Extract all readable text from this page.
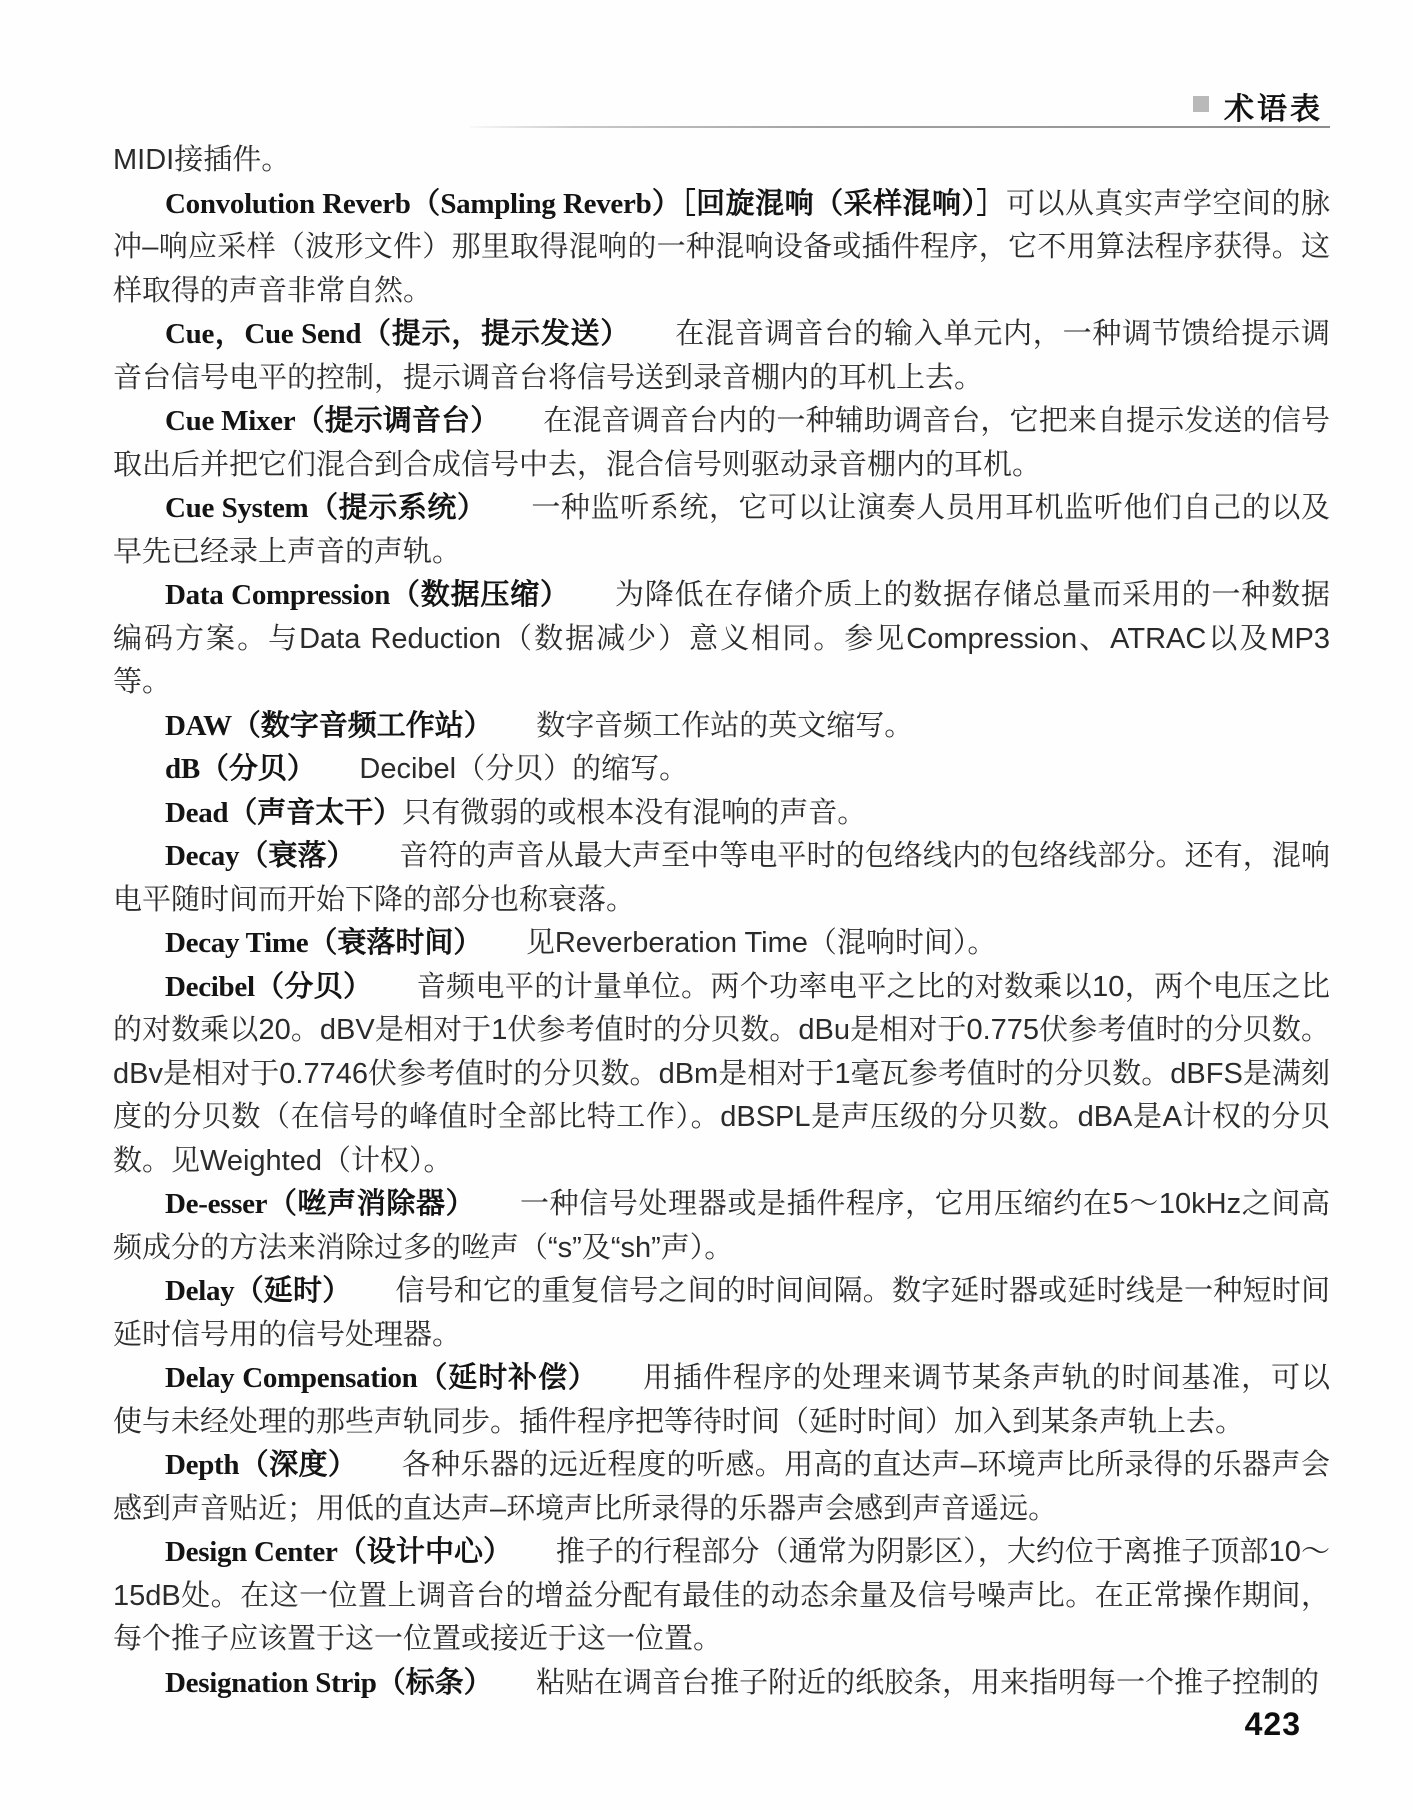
术语表

MIDI接插件。

Convolution Reverb（Sampling Reverb）［回旋混响（采样混响）］可以从真实声学空间的脉冲–响应采样（波形文件）那里取得混响的一种混响设备或插件程序，它不用算法程序获得。这样取得的声音非常自然。

Cue，Cue Send（提示，提示发送）　　在混音调音台的输入单元内，一种调节馈给提示调音台信号电平的控制，提示调音台将信号送到录音棚内的耳机上去。

Cue Mixer（提示调音台）　　在混音调音台内的一种辅助调音台，它把来自提示发送的信号取出后并把它们混合到合成信号中去，混合信号则驱动录音棚内的耳机。

Cue System（提示系统）　　一种监听系统，它可以让演奏人员用耳机监听他们自己的以及早先已经录上声音的声轨。

Data Compression（数据压缩）　　为降低在存储介质上的数据存储总量而采用的一种数据编码方案。与Data Reduction（数据减少）意义相同。参见Compression、ATRAC以及MP3等。

DAW（数字音频工作站）　　数字音频工作站的英文缩写。

dB（分贝）　　Decibel（分贝）的缩写。

Dead（声音太干）只有微弱的或根本没有混响的声音。

Decay（衰落）　　音符的声音从最大声至中等电平时的包络线内的包络线部分。还有，混响电平随时间而开始下降的部分也称衰落。

Decay Time（衰落时间）　　见Reverberation Time（混响时间）。

Decibel（分贝）　　音频电平的计量单位。两个功率电平之比的对数乘以10，两个电压之比的对数乘以20。dBV是相对于1伏参考值时的分贝数。dBu是相对于0.775伏参考值时的分贝数。dBv是相对于0.7746伏参考值时的分贝数。dBm是相对于1毫瓦参考值时的分贝数。dBFS是满刻度的分贝数（在信号的峰值时全部比特工作）。dBSPL是声压级的分贝数。dBA是A计权的分贝数。见Weighted（计权）。

De-esser（咝声消除器）　　一种信号处理器或是插件程序，它用压缩约在5～10kHz之间高频成分的方法来消除过多的咝声（“s”及“sh”声）。

Delay（延时）　　信号和它的重复信号之间的时间间隔。数字延时器或延时线是一种短时间延时信号用的信号处理器。

Delay Compensation（延时补偿）　　用插件程序的处理来调节某条声轨的时间基准，可以使与未经处理的那些声轨同步。插件程序把等待时间（延时时间）加入到某条声轨上去。

Depth（深度）　　各种乐器的远近程度的听感。用高的直达声–环境声比所录得的乐器声会感到声音贴近；用低的直达声–环境声比所录得的乐器声会感到声音遥远。

Design Center（设计中心）　　推子的行程部分（通常为阴影区），大约位于离推子顶部10～15dB处。在这一位置上调音台的增益分配有最佳的动态余量及信号噪声比。在正常操作期间，每个推子应该置于这一位置或接近于这一位置。

Designation Strip（标条）　　粘贴在调音台推子附近的纸胶条，用来指明每一个推子控制的

423
